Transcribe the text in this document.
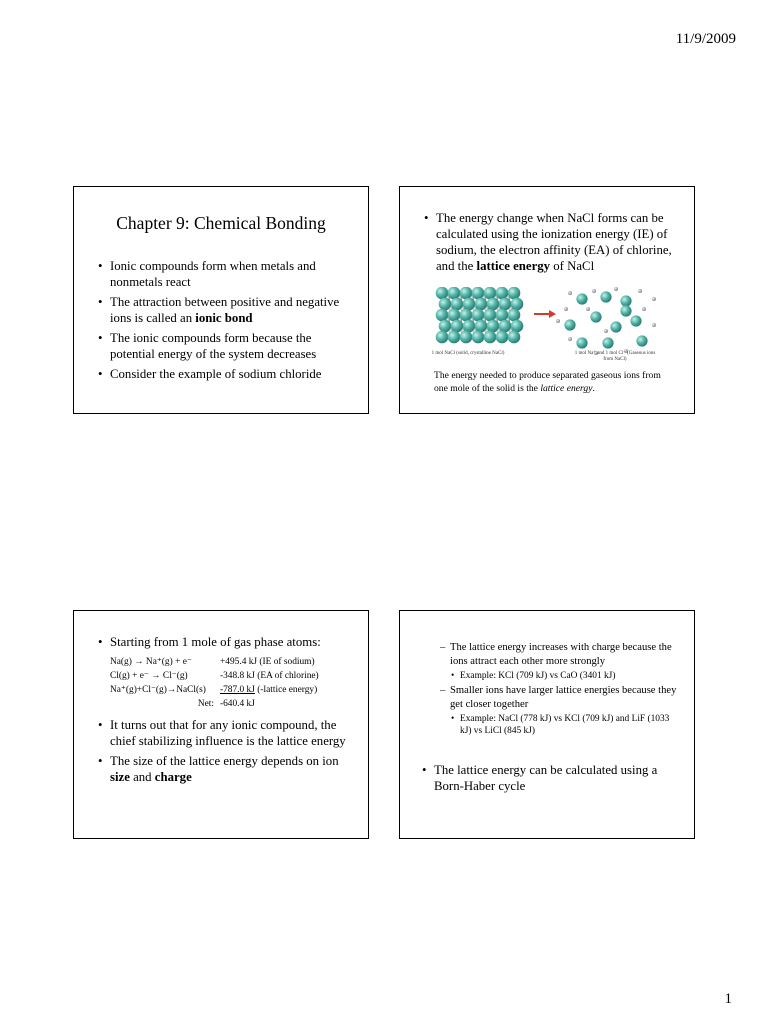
11/9/2009
Chapter 9: Chemical Bonding
• Ionic compounds form when metals and nonmetals react
• The attraction between positive and negative ions is called an ionic bond
• The ionic compounds form because the potential energy of the system decreases
• Consider the example of sodium chloride
• The energy change when NaCl forms can be calculated using the ionization energy (IE) of sodium, the electron affinity (EA) of chlorine, and the lattice energy of NaCl
1 mol NaCl (solid, crystalline NaCl)	1 mol Na⁺ and 1 mol Cl⁻ (Gaseous ions from NaCl)
The energy needed to produce separated gaseous ions from one mole of the solid is the lattice energy.
• Starting from 1 mole of gas phase atoms:
Na(g) → Na⁺(g) + e⁻	+495.4 kJ (IE of sodium)
Cl(g) + e⁻ → Cl⁻(g)	-348.8 kJ (EA of chlorine)
Na⁺(g)+Cl⁻(g)→NaCl(s)	-787.0 kJ (-lattice energy)
Net: -640.4 kJ
• It turns out that for any ionic compound, the chief stabilizing influence is the lattice energy
• The size of the lattice energy depends on ion size and charge
– The lattice energy increases with charge because the ions attract each other more strongly
• Example: KCl (709 kJ) vs CaO (3401 kJ)
– Smaller ions have larger lattice energies because they get closer together
• Example: NaCl (778 kJ) vs KCl (709 kJ) and LiF (1033 kJ) vs LiCl (845 kJ)
• The lattice energy can be calculated using a Born-Haber cycle
1
